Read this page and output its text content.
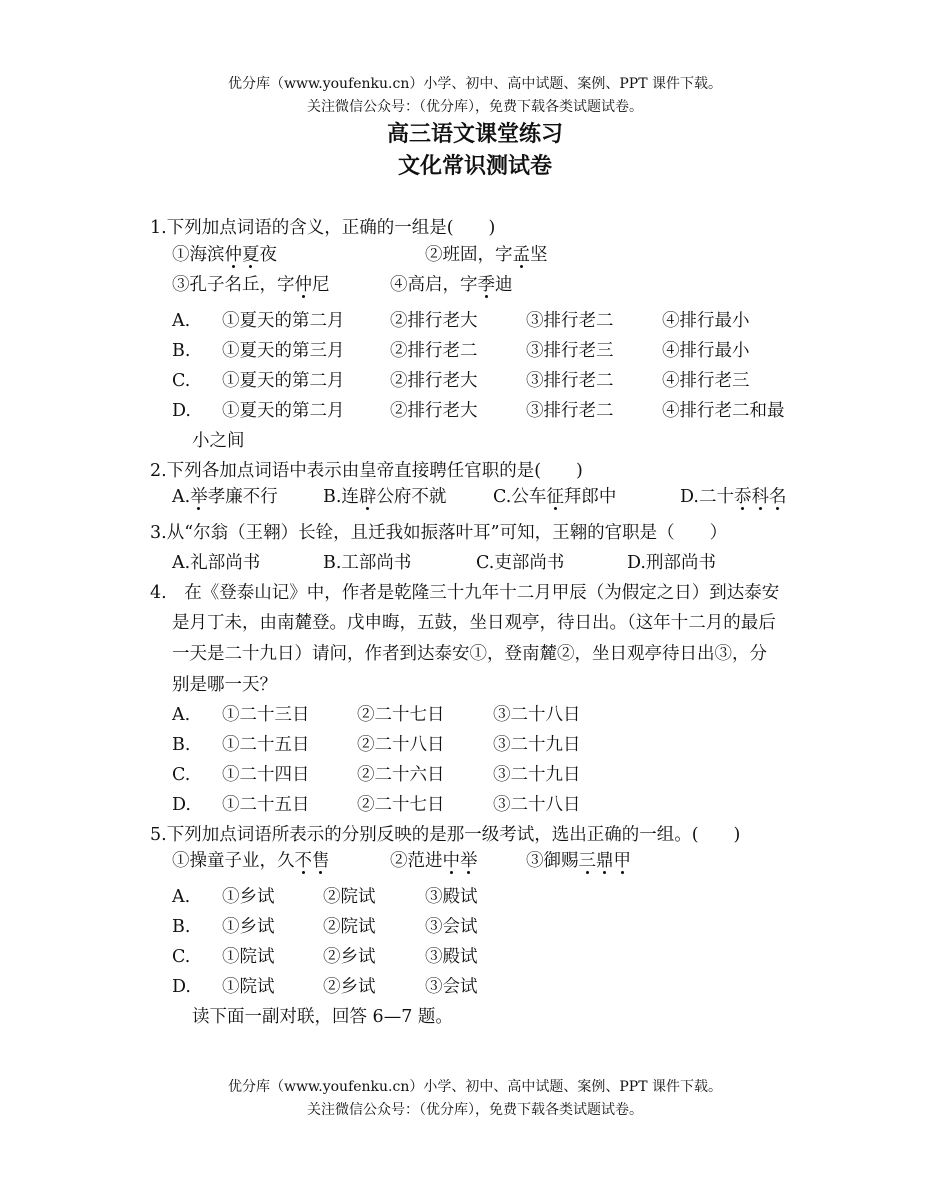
优分库（www.youfenku.cn）小学、初中、高中试题、案例、PPT 课件下载。
关注微信公众号：（优分库），免费下载各类试题试卷。
高三语文课堂练习
文化常识测试卷
1.下列加点词语的含义，正确的一组是(　　)
①海滨仲夏夜	②班固，字孟坚
③孔子名丘，字仲尼	④高启，字季迪
A. ①夏天的第二月	②排行老大	③排行老二	④排行最小
B. ①夏天的第三月	②排行老二	③排行老三	④排行最小
C. ①夏天的第二月	②排行老大	③排行老二	④排行老三
D. ①夏天的第二月	②排行老大	③排行老二	④排行老二和最
小之间
2.下列各加点词语中表示由皇帝直接聘任官职的是(　　)
A.举孝廉不行	B.连辟公府不就	C.公车征拜郎中	D.二十忝科名
3.从“尔翁（王翱）长铨，且迁我如振落叶耳”可知，王翱的官职是（　　）
A.礼部尚书	B.工部尚书	C.吏部尚书	D.刑部尚书
4.　在《登泰山记》中，作者是乾隆三十九年十二月甲辰（为假定之日）到达泰安
是月丁未，由南麓登。戊申晦，五鼓，坐日观亭，待日出。（这年十二月的最后
一天是二十九日）请问，作者到达泰安①，登南麓②，坐日观亭待日出③，分
别是哪一天？
A. ①二十三日	②二十七日	③二十八日
B. ①二十五日	②二十八日	③二十九日
C. ①二十四日	②二十六日	③二十九日
D. ①二十五日	②二十七日	③二十八日
5.下列加点词语所表示的分别反映的是那一级考试，选出正确的一组。(　　)
①操童子业，久不售	②范进中举	③御赐三鼎甲
A. ①乡试	②院试	③殿试
B. ①乡试	②院试	③会试
C. ①院试	②乡试	③殿试
D. ①院试	②乡试	③会试
读下面一副对联，回答 6—7 题。
优分库（www.youfenku.cn）小学、初中、高中试题、案例、PPT 课件下载。
关注微信公众号：（优分库），免费下载各类试题试卷。
